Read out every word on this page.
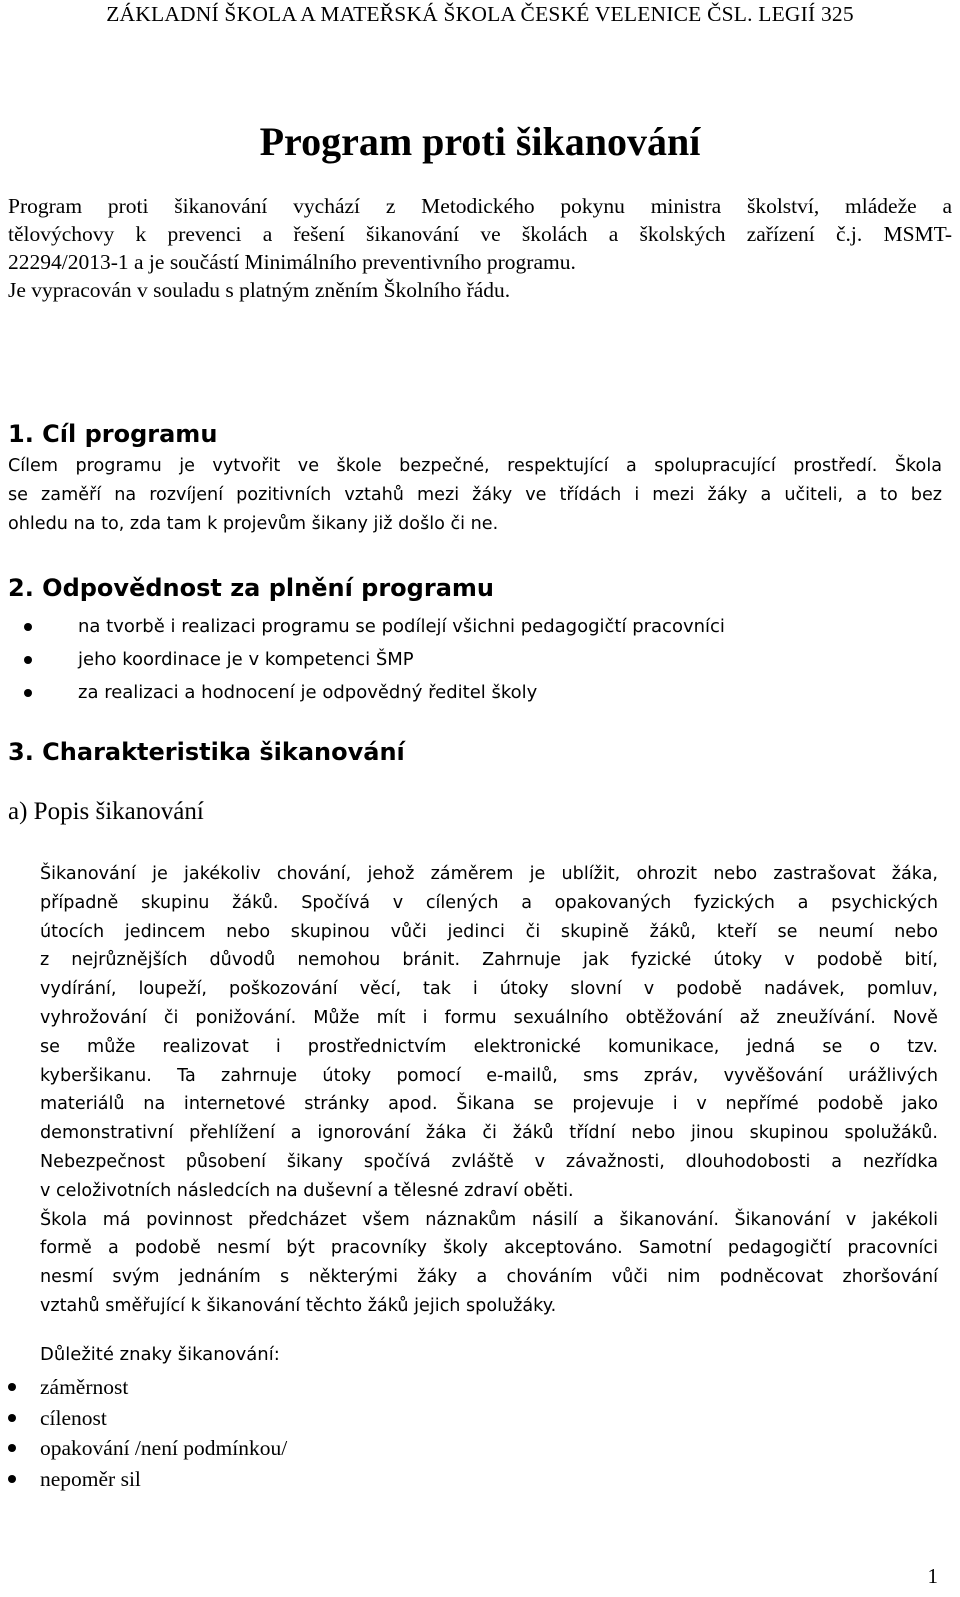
ZÁKLADNÍ ŠKOLA A MATEŘSKÁ ŠKOLA ČESKÉ VELENICE ČSL. LEGIÍ 325
Program proti šikanování
Program proti šikanování vychází z Metodického pokynu ministra školství, mládeže a
tělovýchovy k prevenci a řešení šikanování ve školách a školských zařízení č.j. MSMT-
22294/2013-1 a je součástí Minimálního preventivního programu.
Je vypracován v souladu s platným zněním Školního řádu.
1. Cíl programu
Cílem programu je vytvořit ve škole bezpečné, respektující a spolupracující prostředí. Škola
se zaměří na rozvíjení pozitivních vztahů mezi žáky ve třídách i mezi žáky a učiteli, a to bez
ohledu na to, zda tam k projevům šikany již došlo či ne.
2. Odpovědnost za plnění programu
na tvorbě i realizaci programu se podílejí všichni pedagogičtí pracovníci
jeho koordinace je v kompetenci ŠMP
za realizaci a hodnocení je odpovědný ředitel školy
3. Charakteristika šikanování
a) Popis šikanování
Šikanování je jakékoliv chování, jehož záměrem je ublížit, ohrozit nebo zastrašovat žáka,
případně skupinu žáků. Spočívá v cílených a opakovaných fyzických a psychických
útocích jedincem nebo skupinou vůči jedinci či skupině žáků, kteří se neumí nebo
z nejrůznějších důvodů nemohou bránit. Zahrnuje jak fyzické útoky v podobě bití,
vydírání, loupeží, poškozování věcí, tak i útoky slovní v podobě nadávek, pomluv,
vyhrožování či ponižování. Může mít i formu sexuálního obtěžování až zneužívání. Nově
se může realizovat i prostřednictvím elektronické komunikace, jedná se o tzv.
kyberšikanu. Ta zahrnuje útoky pomocí e-mailů, sms zpráv, vyvěšování urážlivých
materiálů na internetové stránky apod. Šikana se projevuje i v nepřímé podobě jako
demonstrativní přehlížení a ignorování žáka či žáků třídní nebo jinou skupinou spolužáků.
Nebezpečnost působení šikany spočívá zvláště v závažnosti, dlouhodobosti a nezřídka
v celoživotních následcích na duševní a tělesné zdraví oběti.
Škola má povinnost předcházet všem náznakům násilí a šikanování. Šikanování v jakékoli
formě a podobě nesmí být pracovníky školy akceptováno. Samotní pedagogičtí pracovníci
nesmí svým jednáním s některými žáky a chováním vůči nim podněcovat zhoršování
vztahů směřující k šikanování těchto žáků jejich spolužáky.
Důležité znaky šikanování:
záměrnost
cílenost
opakování /není podmínkou/
nepoměr sil
1
